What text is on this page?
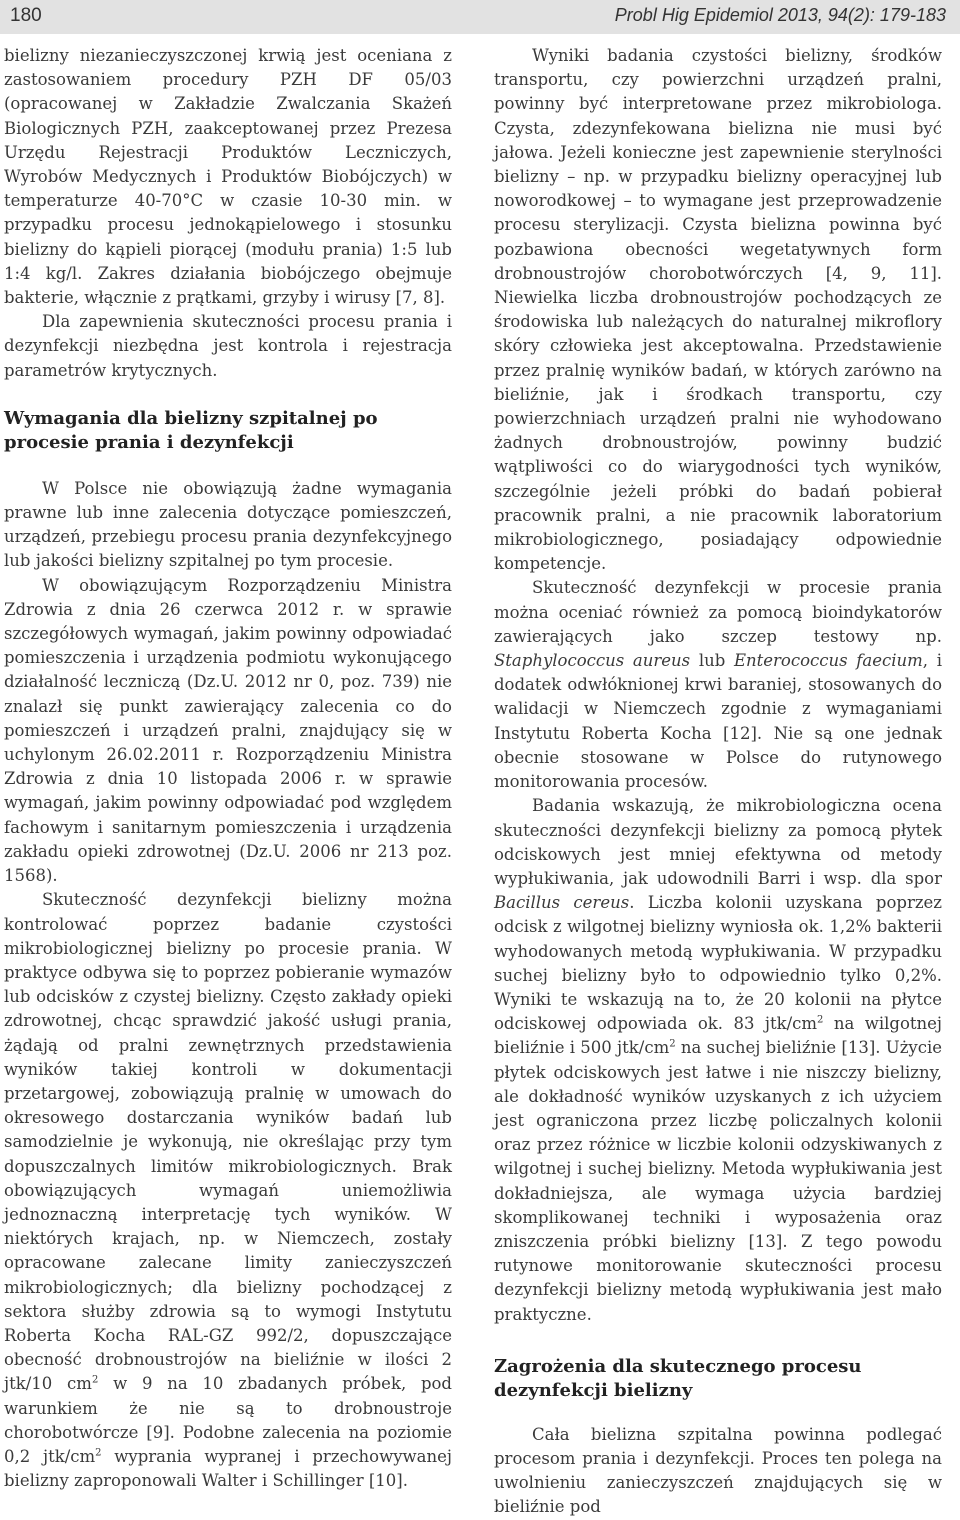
180	Probl Hig Epidemiol 2013, 94(2): 179-183

bielizny niezanieczyszczonej krwią jest oceniana z zastosowaniem procedury PZH DF 05/03 (opracowanej w Zakładzie Zwalczania Skażeń Biologicznych PZH, zaakceptowanej przez Prezesa Urzędu Rejestracji Produktów Leczniczych, Wyrobów Medycznych i Produktów Biobójczych) w temperaturze 40-70°C w czasie 10-30 min. w przypadku procesu jednokąpielowego i stosunku bielizny do kąpieli piorącej (modułu prania) 1:5 lub 1:4 kg/l. Zakres działania biobójczego obejmuje bakterie, włącznie z prątkami, grzyby i wirusy [7, 8].

Dla zapewnienia skuteczności procesu prania i dezynfekcji niezbędna jest kontrola i rejestracja parametrów krytycznych.

Wymagania dla bielizny szpitalnej po procesie prania i dezynfekcji

W Polsce nie obowiązują żadne wymagania prawne lub inne zalecenia dotyczące pomieszczeń, urządzeń, przebiegu procesu prania dezynfekcyjnego lub jakości bielizny szpitalnej po tym procesie.

W obowiązującym Rozporządzeniu Ministra Zdrowia z dnia 26 czerwca 2012 r. w sprawie szczegółowych wymagań, jakim powinny odpowiadać pomieszczenia i urządzenia podmiotu wykonującego działalność leczniczą (Dz.U. 2012 nr 0, poz. 739) nie znalazł się punkt zawierający zalecenia co do pomieszczeń i urządzeń pralni, znajdujący się w uchylonym 26.02.2011 r. Rozporządzeniu Ministra Zdrowia z dnia 10 listopada 2006 r. w sprawie wymagań, jakim powinny odpowiadać pod względem fachowym i sanitarnym pomieszczenia i urządzenia zakładu opieki zdrowotnej (Dz.U. 2006 nr 213 poz. 1568).

Skuteczność dezynfekcji bielizny można kontrolować poprzez badanie czystości mikrobiologicznej bielizny po procesie prania. W praktyce odbywa się to poprzez pobieranie wymazów lub odcisków z czystej bielizny. Często zakłady opieki zdrowotnej, chcąc sprawdzić jakość usługi prania, żądają od pralni zewnętrznych przedstawienia wyników takiej kontroli w dokumentacji przetargowej, zobowiązują pralnię w umowach do okresowego dostarczania wyników badań lub samodzielnie je wykonują, nie określając przy tym dopuszczalnych limitów mikrobiologicznych. Brak obowiązujących wymagań uniemożliwia jednoznaczną interpretację tych wyników. W niektórych krajach, np. w Niemczech, zostały opracowane zalecane limity zanieczyszczeń mikrobiologicznych; dla bielizny pochodzącej z sektora służby zdrowia są to wymogi Instytutu Roberta Kocha RAL-GZ 992/2, dopuszczające obecność drobnoustrojów na bieliźnie w ilości 2 jtk/10 $cm^2$ w 9 na 10 zbadanych próbek, pod warunkiem że nie są to drobnoustroje chorobotwórcze [9]. Podobne zalecenia na poziomie 0,2 jtk/$cm^2$ wyprania wypranej i przechowywanej bielizny zaproponowali Walter i Schillinger [10].

Wyniki badania czystości bielizny, środków transportu, czy powierzchni urządzeń pralni, powinny być interpretowane przez mikrobiologa. Czysta, zdezynfekowana bielizna nie musi być jałowa. Jeżeli konieczne jest zapewnienie sterylności bielizny – np. w przypadku bielizny operacyjnej lub noworodkowej – to wymagane jest przeprowadzenie procesu sterylizacji. Czysta bielizna powinna być pozbawiona obecności wegetatywnych form drobnoustrojów chorobotwórczych [4, 9, 11]. Niewielka liczba drobnoustrojów pochodzących ze środowiska lub należących do naturalnej mikroflory skóry człowieka jest akceptowalna. Przedstawienie przez pralnię wyników badań, w których zarówno na bieliźnie, jak i środkach transportu, czy powierzchniach urządzeń pralni nie wyhodowano żadnych drobnoustrojów, powinny budzić wątpliwości co do wiarygodności tych wyników, szczególnie jeżeli próbki do badań pobierał pracownik pralni, a nie pracownik laboratorium mikrobiologicznego, posiadający odpowiednie kompetencje.

Skuteczność dezynfekcji w procesie prania można oceniać również za pomocą bioindykatorów zawierających jako szczep testowy np. Staphylococcus aureus lub Enterococcus faecium, i dodatek odwłóknionej krwi baraniej, stosowanych do walidacji w Niemczech zgodnie z wymaganiami Instytutu Roberta Kocha [12]. Nie są one jednak obecnie stosowane w Polsce do rutynowego monitorowania procesów.

Badania wskazują, że mikrobiologiczna ocena skuteczności dezynfekcji bielizny za pomocą płytek odciskowych jest mniej efektywna od metody wypłukiwania, jak udowodnili Barri i wsp. dla spor Bacillus cereus. Liczba kolonii uzyskana poprzez odcisk z wilgotnej bielizny wyniosła ok. 1,2% bakterii wyhodowanych metodą wypłukiwania. W przypadku suchej bielizny było to odpowiednio tylko 0,2%. Wyniki te wskazują na to, że 20 kolonii na płytce odciskowej odpowiada ok. 83 jtk/$cm^2$ na wilgotnej bieliźnie i 500 jtk/$cm^2$ na suchej bieliźnie [13]. Użycie płytek odciskowych jest łatwe i nie niszczy bielizny, ale dokładność wyników uzyskanych z ich użyciem jest ograniczona przez liczbę policzalnych kolonii oraz przez różnice w liczbie kolonii odzyskiwanych z wilgotnej i suchej bielizny. Metoda wypłukiwania jest dokładniejsza, ale wymaga użycia bardziej skomplikowanej techniki i wyposażenia oraz zniszczenia próbki bielizny [13]. Z tego powodu rutynowe monitorowanie skuteczności procesu dezynfekcji bielizny metodą wypłukiwania jest mało praktyczne.

Zagrożenia dla skutecznego procesu dezynfekcji bielizny

Cała bielizna szpitalna powinna podlegać procesom prania i dezynfekcji. Proces ten polega na uwolnieniu zanieczyszczeń znajdujących się w bieliźnie pod
